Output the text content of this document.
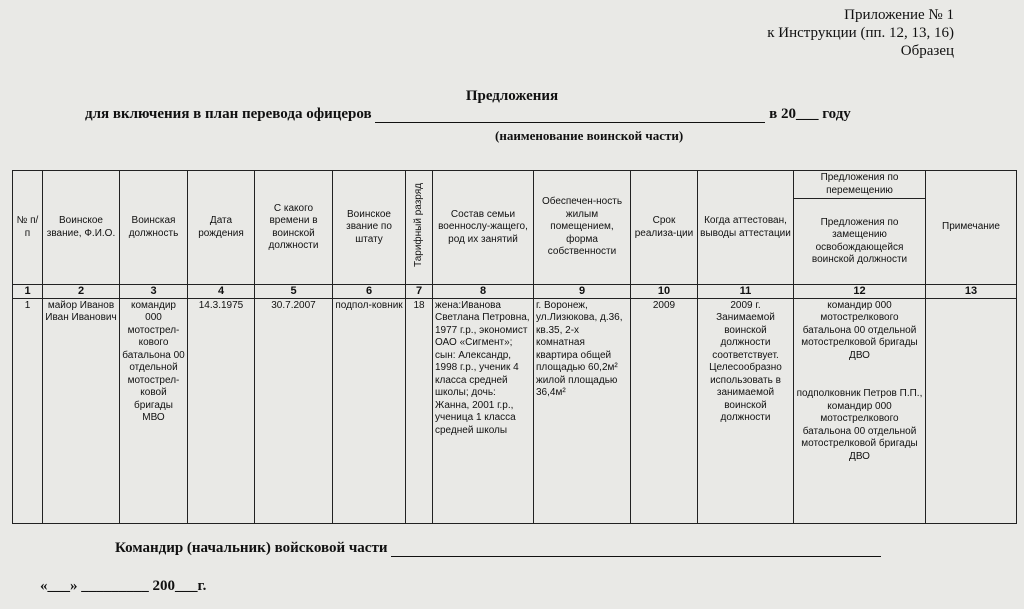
Приложение № 1
к Инструкции (пп. 12, 13, 16)
Образец
Предложения
для включения в план перевода офицеров	в 20___ году
(наименование воинской части)
№ п/п	Воинское звание, Ф.И.О.	Воинская должность	Дата рождения	С какого времени в воинской должности	Воинское звание по штату	Тарифный разряд	Состав семьи военнослу-жащего, род их занятий	Обеспечен-ность жилым помещением, форма собственности	Срок реализа-ции	Когда аттестован, выводы аттестации	Предложения по перемещению	Примечание
											Предложения по замещению освобождающейся воинской должности	
1	2	3	4	5	6	7	8	9	10	11	12	13
1	майор Иванов Иван Иванович	командир 000 мотострел-кового батальона 00 отдельной мотострел-ковой бригады МВО	14.3.1975	30.7.2007	подпол-ковник	18	жена:Иванова Светлана Петровна, 1977 г.р., экономист ОАО «Сигмент»; сын: Александр, 1998 г.р., ученик 4 класса средней школы; дочь: Жанна, 2001 г.р., ученица 1 класса средней школы	г. Воронеж, ул.Лизюкова, д.36, кв.35, 2-х комнатная квартира общей площадью 60,2м² жилой площадью 36,4м²	2009	2009 г. Занимаемой воинской должности соответствует. Целесообразно использовать в занимаемой воинской должности	командир 000 мотострелкового батальона 00 отдельной мотострелковой бригады ДВО
подполковник Петров П.П., командир 000 мотострелкового батальона 00 отдельной мотострелковой бригады ДВО	

Командир (начальник) войсковой части
«___» _________ 200___г.
